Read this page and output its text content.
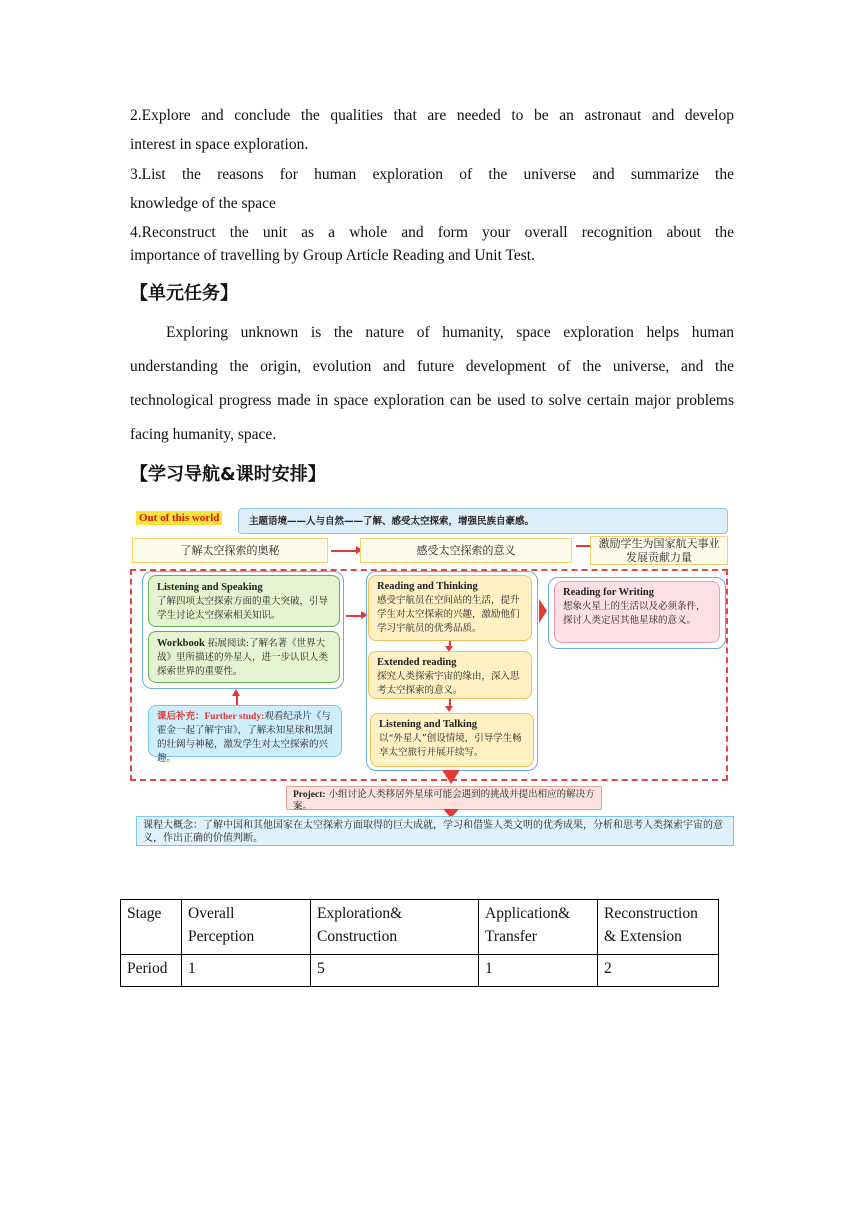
2.Explore and conclude the qualities that are needed to be an astronaut and develop
interest in space exploration.
3.List the reasons for human exploration of the universe and summarize the
knowledge of the space
4.Reconstruct the unit as a whole and form your overall recognition about the
importance of travelling by Group Article Reading and Unit Test.
【单元任务】
Exploring unknown is the nature of humanity, space exploration helps human understanding the origin, evolution and future development of the universe, and the technological progress made in space exploration can be used to solve certain major problems facing humanity, space.
【学习导航&课时安排】
Out of this world	主题语境——人与自然——了解、感受太空探索，增强民族自豪感。
了解太空探索的奥秘	感受太空探索的意义
激励学生为国家航天事业发展贡献力量
Listening and Speaking
了解四项太空探索方面的重大突破，引导学生讨论太空探索相关知识。
Workbook 拓展阅读:了解名著《世界大战》里所描述的外星人，进一步认识人类探索世界的重要性。
课后补充：Further study:观看纪录片《与霍金一起了解宇宙》，了解未知星球和黑洞的壮阔与神秘，激发学生对太空探索的兴趣。
Reading and Thinking
感受宇航员在空间站的生活，提升学生对太空探索的兴趣，激励他们学习宇航员的优秀品质。
Extended reading
探究人类探索宇宙的缘由，深入思考太空探索的意义。
Listening and Talking
以“外星人”创设情境，引导学生畅享太空旅行并展开续写。
Reading for Writing
想象火星上的生活以及必须条件，探讨人类定居其他星球的意义。
Project: 小组讨论人类移居外星球可能会遇到的挑战并提出相应的解决方案。
课程大概念：了解中国和其他国家在太空探索方面取得的巨大成就，学习和借鉴人类文明的优秀成果，分析和思考人类探索宇宙的意义，作出正确的价值判断。
Stage	Overall Perception	Exploration& Construction	Application& Transfer	Reconstruction & Extension
Period	1	5	1	2
